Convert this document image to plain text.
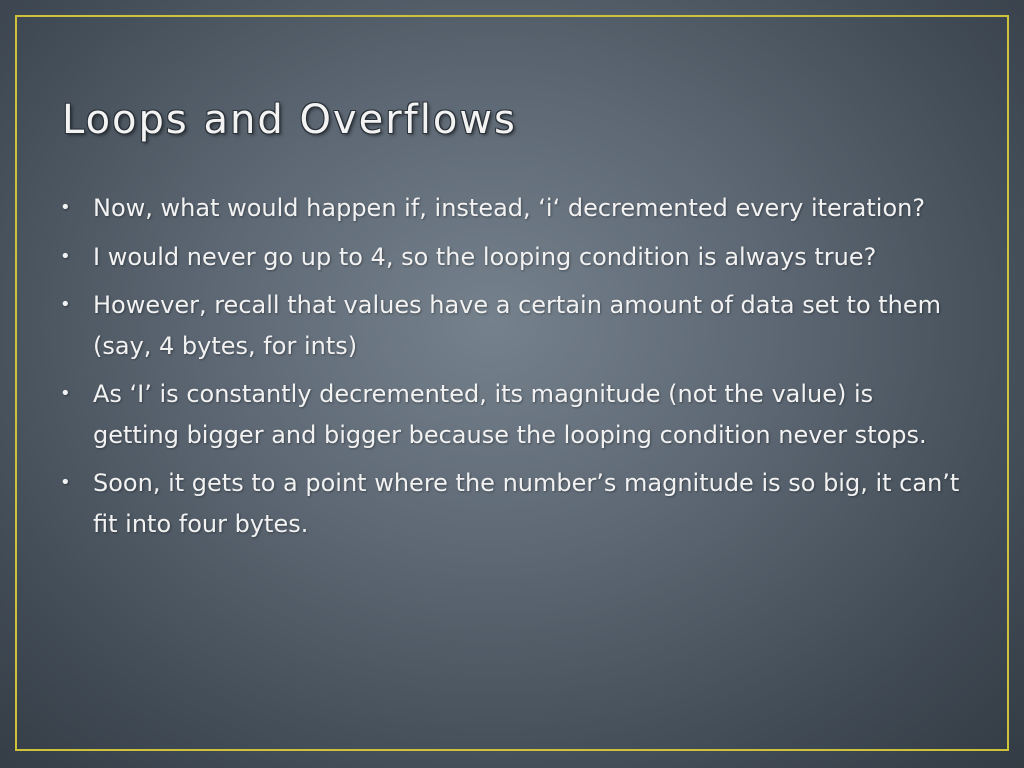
Loops and Overflows
• Now, what would happen if, instead, ‘i‘ decremented every iteration?
• I would never go up to 4, so the looping condition is always true?
• However, recall that values have a certain amount of data set to them (say, 4 bytes, for ints)
• As ‘I’ is constantly decremented, its magnitude (not the value) is getting bigger and bigger because the looping condition never stops.
• Soon, it gets to a point where the number’s magnitude is so big, it can’t fit into four bytes.
